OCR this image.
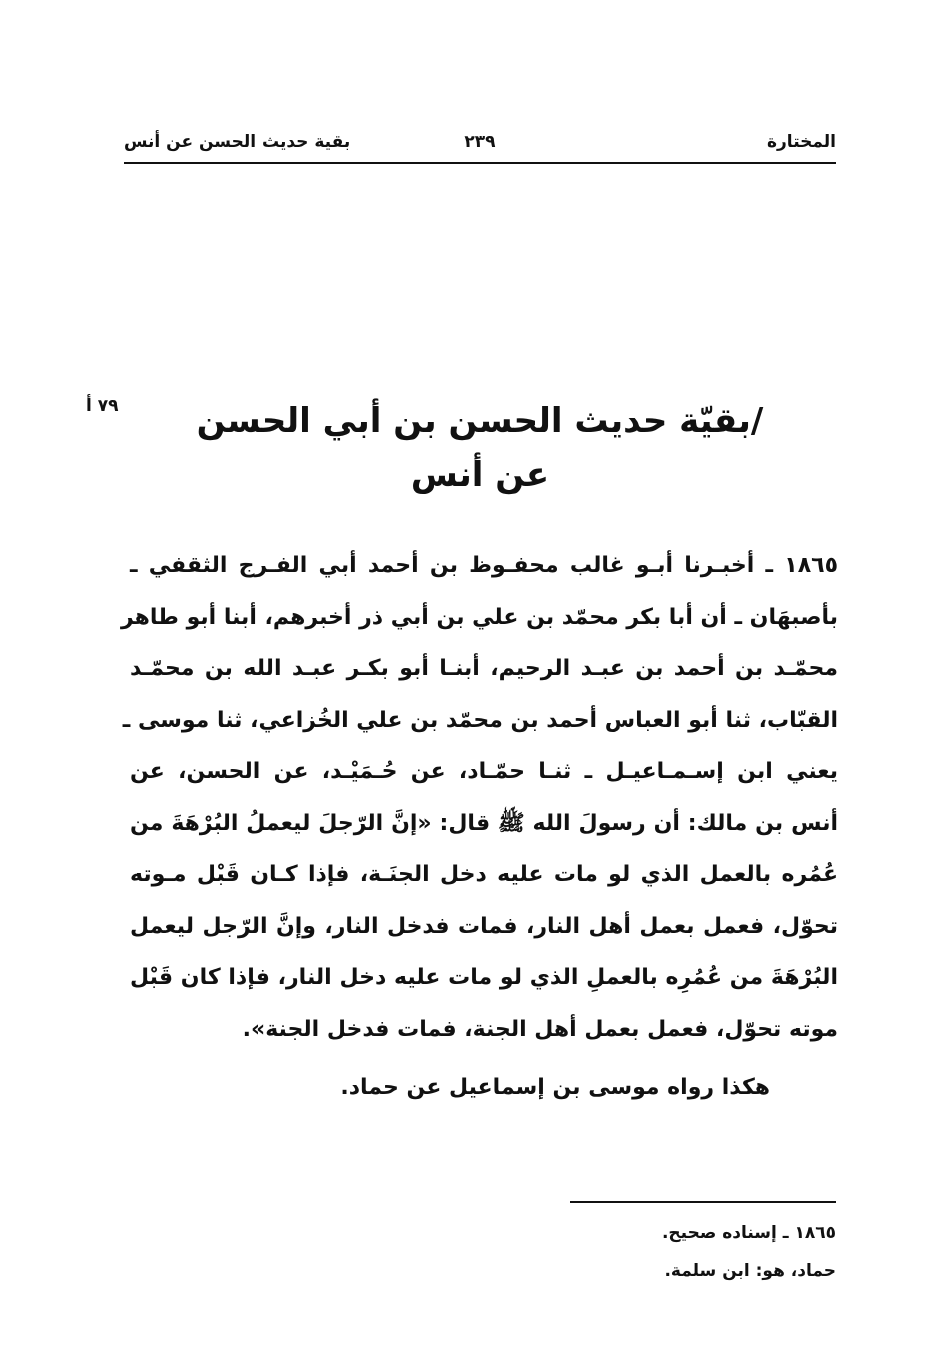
المختارة
٢٣٩
بقية حديث الحسن عن أنس
٧٩ أ	/بقيّة حديث الحسن بن أبي الحسن
عن أنس
١٨٦٥ ـ أخبـرنا أبـو غالب محفـوظ بن أحمد أبي الفـرج الثقفي ـ
بأصبهَان ـ أن أبا بكر محمّد بن علي بن أبي ذر أخبرهم، أبنا أبو طاهر
محمّـد بن أحمد بن عبـد الرحيم، أبنـا أبو بكـر عبـد الله بن محمّـد
القبّاب، ثنا أبو العباس أحمد بن محمّد بن علي الخُزاعي، ثنا موسى ـ
يعني ابن إسـمـاعيـل ـ ثنـا حمّـاد، عن حُـمَيْـد، عن الحسن، عن
أنس بن مالك: أن رسولَ الله ﷺ قال: «إنَّ الرّجلَ ليعملُ البُرْهَةَ من
عُمُره بالعمل الذي لو مات عليه دخل الجنَـة، فإذا كـان قَبْل مـوته
تحوّل، فعمل بعمل أهل النار، فمات فدخل النار، وإنَّ الرّجل ليعمل
البُرْهَةَ من عُمُرِه بالعملِ الذي لو مات عليه دخل النار، فإذا كان قَبْل
موته تحوّل، فعمل بعمل أهل الجنة، فمات فدخل الجنة».
هكذا رواه موسى بن إسماعيل عن حماد.
١٨٦٥ ـ إسناده صحيح.
حماد، هو: ابن سلمة.
